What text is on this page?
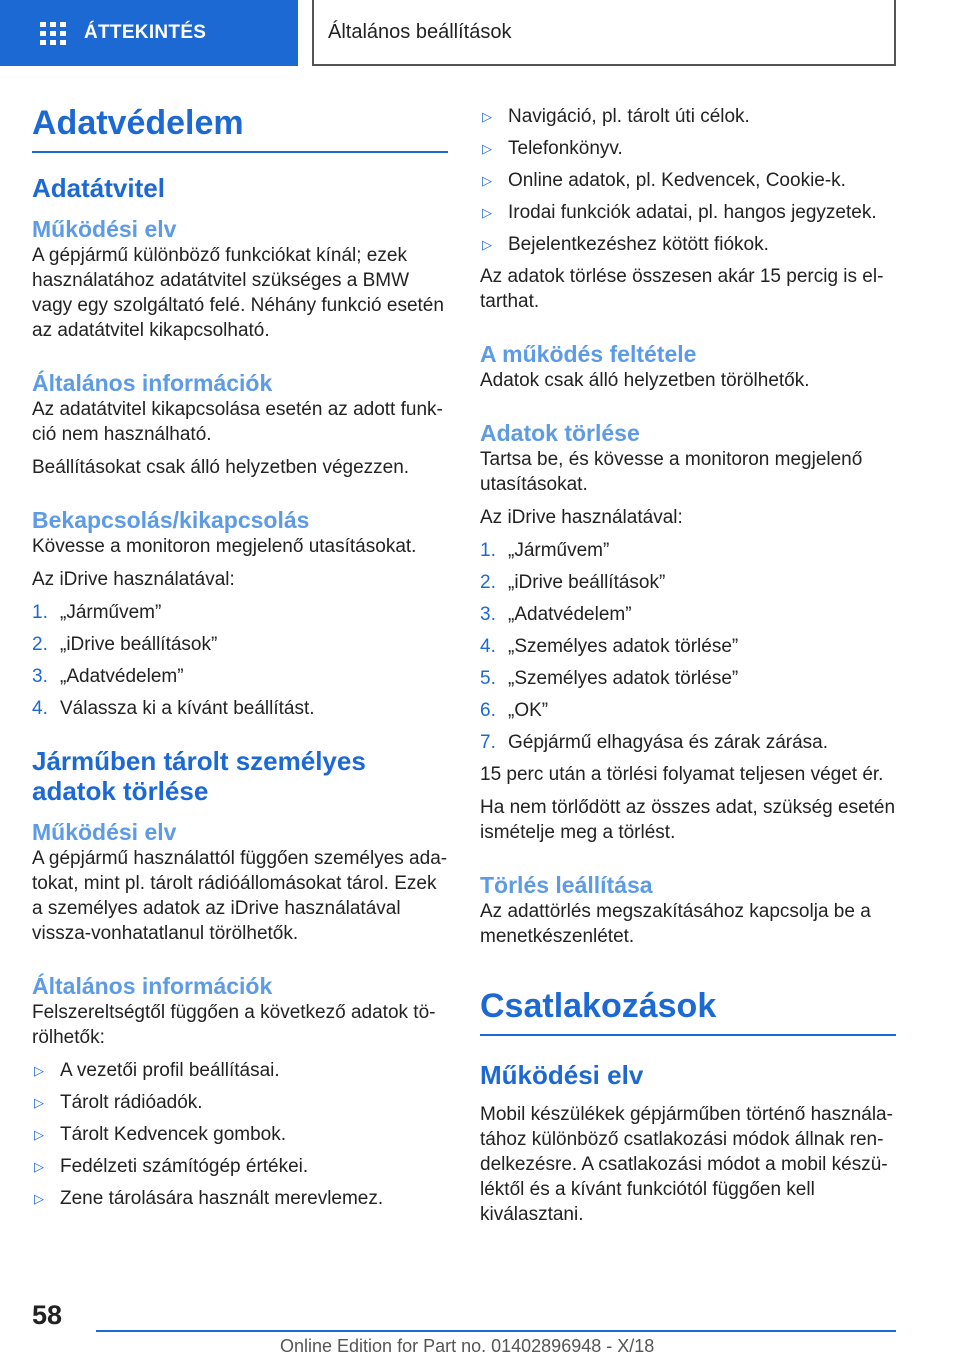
ÁTTEKINTÉS	Általános beállítások
Adatvédelem
Adatátvitel
Működési elv

A gépjármű különböző funkciókat kínál; ezek használatához adatátvitel szükséges a BMW vagy egy szolgáltató felé. Néhány funkció esetén az adatátvitel kikapcsolható.

Általános információk

Az adatátvitel kikapcsolása esetén az adott funk-ció nem használható.

Beállításokat csak álló helyzetben végezzen.

Bekapcsolás/kikapcsolás

Kövesse a monitoron megjelenő utasításokat.

Az iDrive használatával:

1. „Járművem”
2. „iDrive beállítások”
3. „Adatvédelem”
4. Válassza ki a kívánt beállítást.
Járműben tárolt személyes adatok törlése
Működési elv

A gépjármű használattól függően személyes ada-tokat, mint pl. tárolt rádióállomásokat tárol. Ezek a személyes adatok az iDrive használatával vissza-vonhatatlanul törölhetők.

Általános információk

Felszereltségtől függően a következő adatok tö-rölhetők:

▷ A vezetői profil beállításai.
▷ Tárolt rádióadók.
▷ Tárolt Kedvencek gombok.
▷ Fedélzeti számítógép értékei.
▷ Zene tárolására használt merevlemez.
▷ Navigáció, pl. tárolt úti célok.
▷ Telefonkönyv.
▷ Online adatok, pl. Kedvencek, Cookie-k.
▷ Irodai funkciók adatai, pl. hangos jegyzetek.
▷ Bejelentkezéshez kötött fiókok.

Az adatok törlése összesen akár 15 percig is el-tarthat.

A működés feltétele

Adatok csak álló helyzetben törölhetők.

Adatok törlése

Tartsa be, és kövesse a monitoron megjelenő utasításokat.

Az iDrive használatával:

1. „Járművem”
2. „iDrive beállítások”
3. „Adatvédelem”
4. „Személyes adatok törlése”
5. „Személyes adatok törlése”
6. „OK”
7. Gépjármű elhagyása és zárak zárása.

15 perc után a törlési folyamat teljesen véget ér.

Ha nem törlődött az összes adat, szükség esetén ismételje meg a törlést.

Törlés leállítása

Az adattörlés megszakításához kapcsolja be a menetkészenlétet.

Csatlakozások
Működési elv

Mobil készülékek gépjárműben történő használa-tához különböző csatlakozási módok állnak ren-delkezésre. A csatlakozási módot a mobil készü-léktől és a kívánt funkciótól függően kell kiválasztani.

58
Online Edition for Part no. 01402896948 - X/18
